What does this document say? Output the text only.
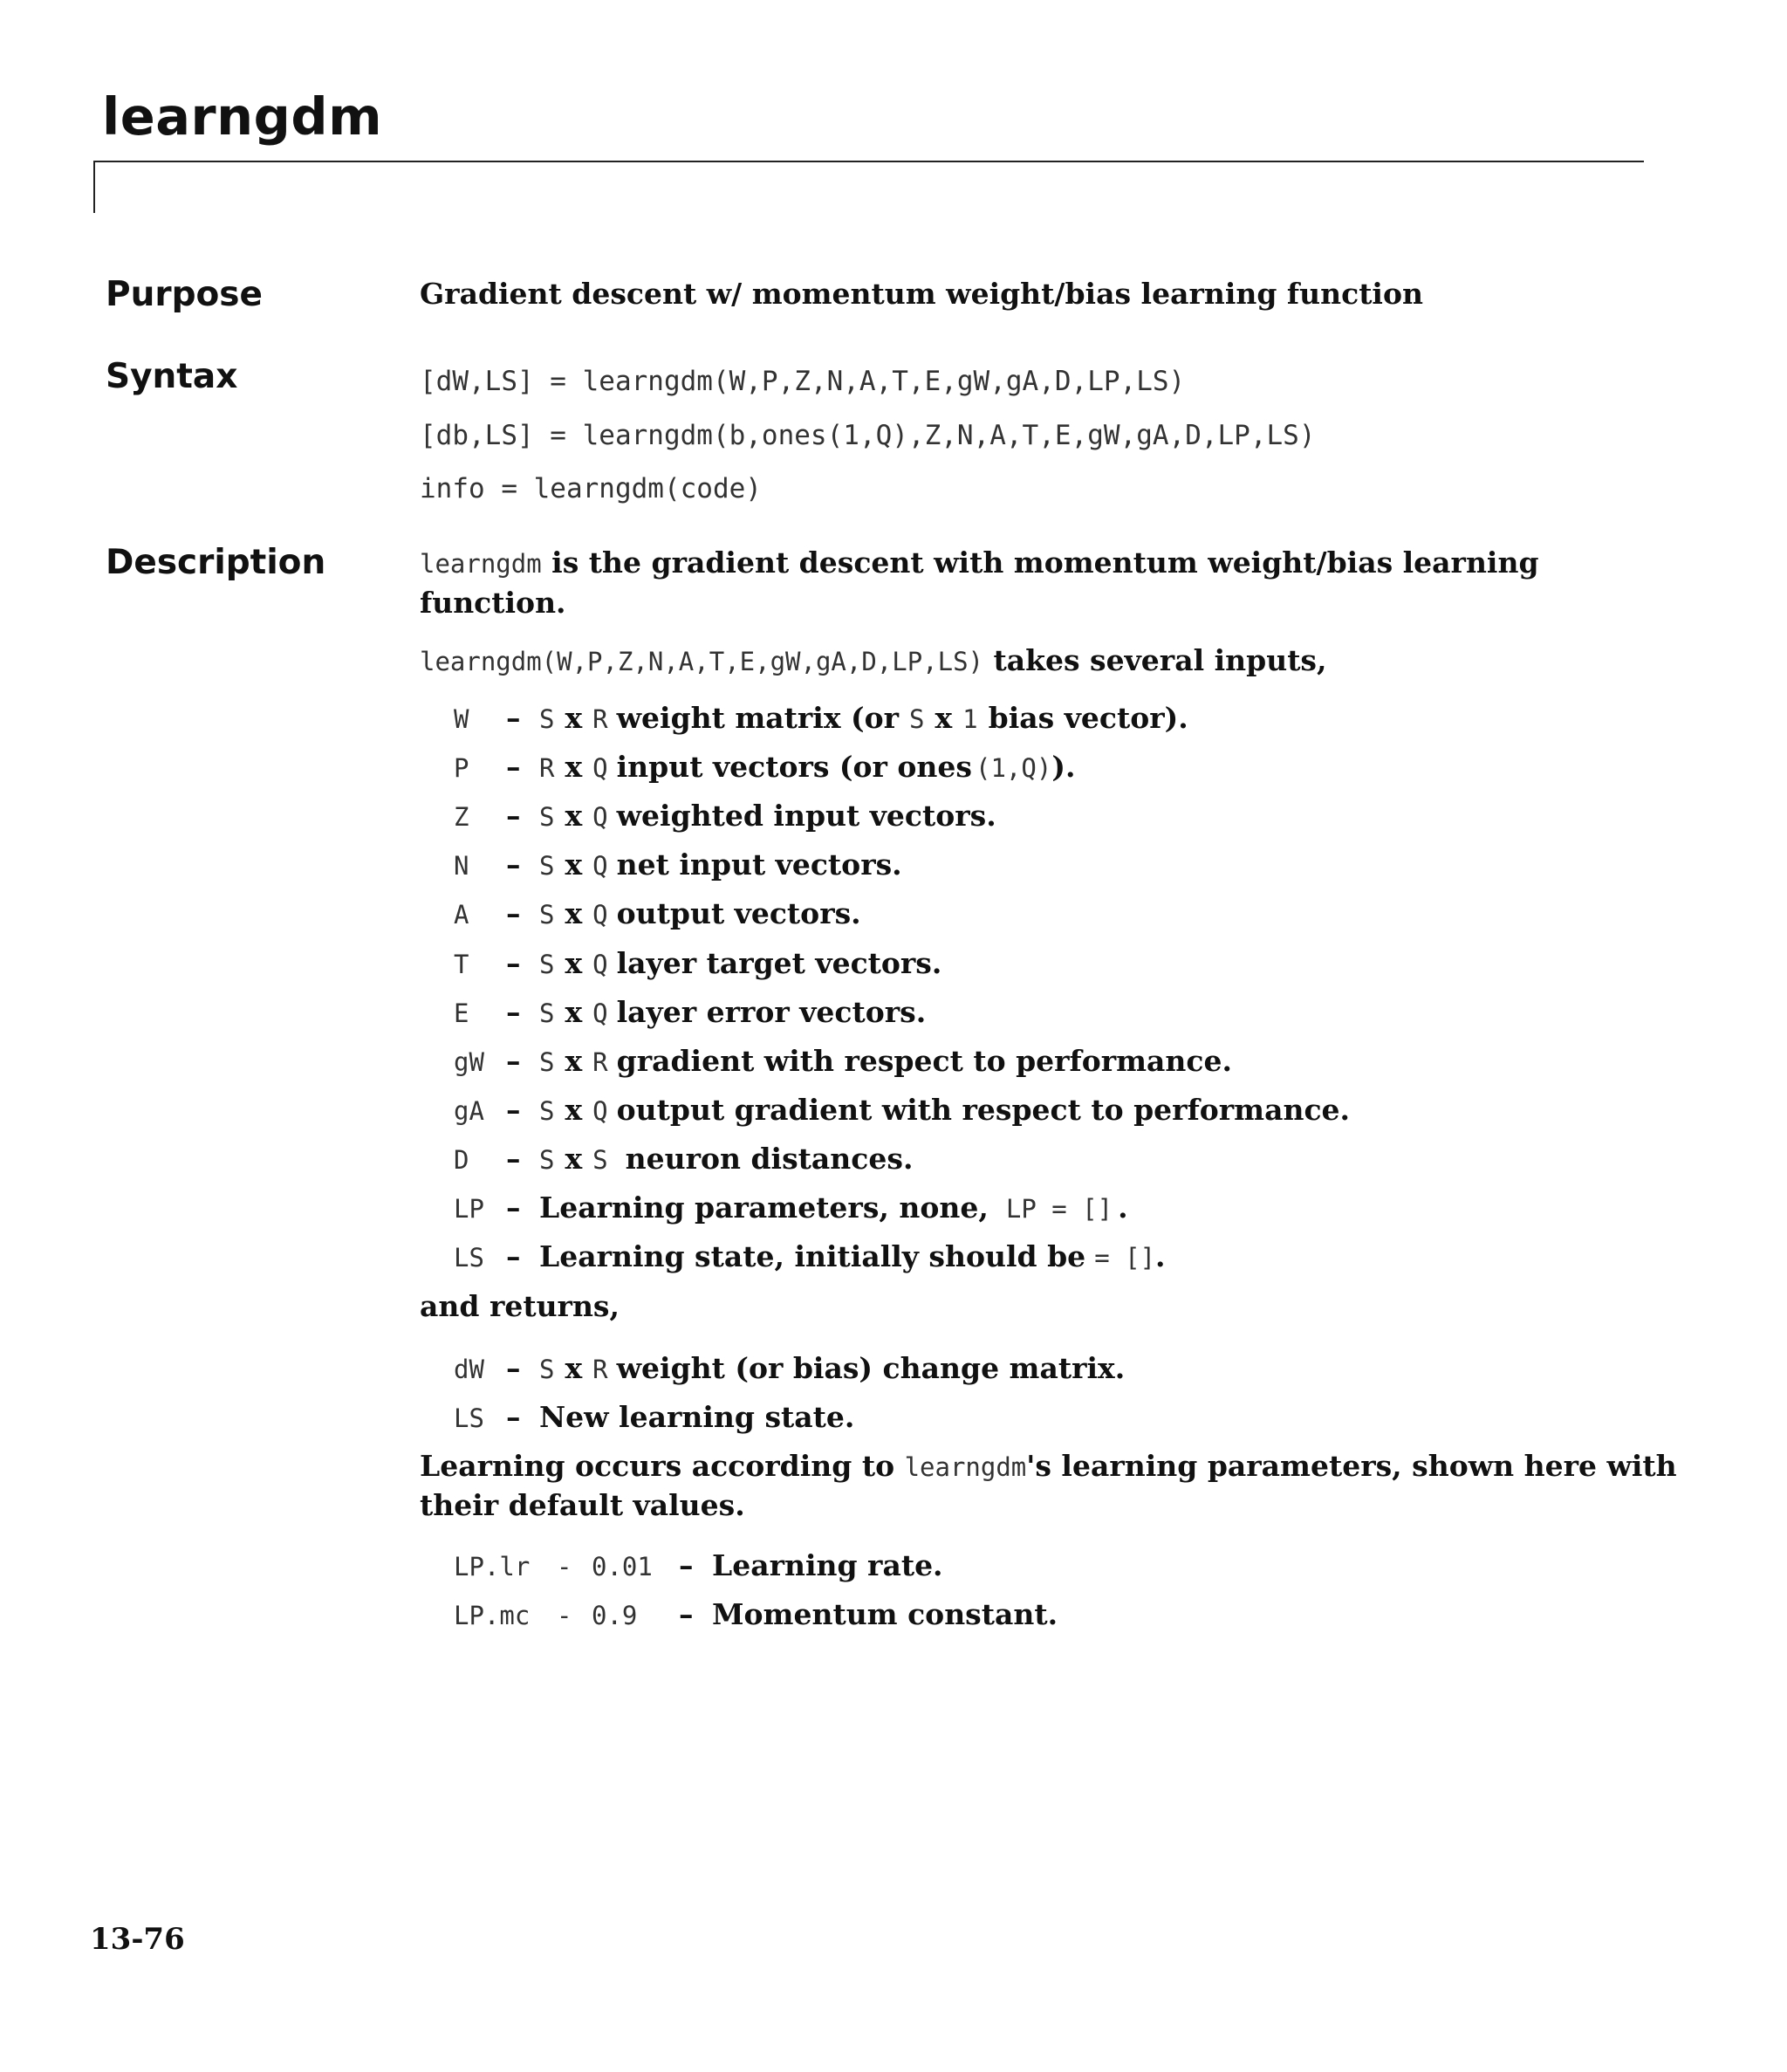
learngdm
Purpose	Gradient descent w/ momentum weight/bias learning function
Syntax	[dW,LS] = learngdm(W,P,Z,N,A,T,E,gW,gA,D,LP,LS)
[db,LS] = learngdm(b,ones(1,Q),Z,N,A,T,E,gW,gA,D,LP,LS)
info = learngdm(code)
Description	learngdm is the gradient descent with momentum weight/bias learning
function.
learngdm(W,P,Z,N,A,T,E,gW,gA,D,LP,LS) takes several inputs,
W	– S x R weight matrix (or S x 1 bias vector).
P	– R x Q input vectors (or ones (1,Q) ).
Z	– S x Q weighted input vectors.
N	– S x Q net input vectors.
A	– S x Q output vectors.
T	– S x Q layer target vectors.
E	– S x Q layer error vectors.
gW – S x R gradient with respect to performance.
gA – S x Q output gradient with respect to performance.
D	– S x S neuron distances.
LP – Learning parameters, none, LP = [] .
LS – Learning state, initially should be = [] .
and returns,
dW – S x R weight (or bias) change matrix.
LS – New learning state.
Learning occurs according to learngdm's learning parameters, shown here with
their default values.
LP.lr	- 0.01 – Learning rate.
LP.mc	- 0.9	– Momentum constant.
13-76
